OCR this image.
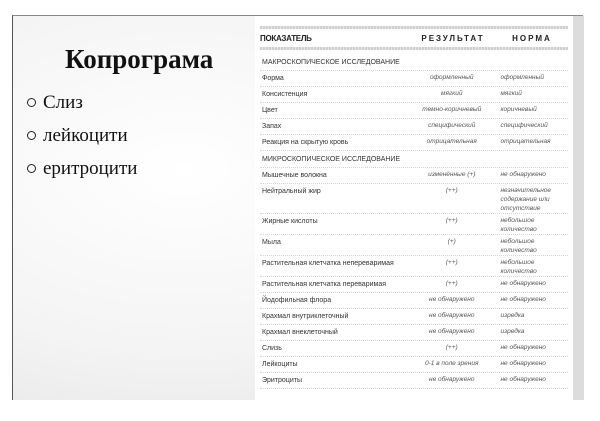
Копрограма
Слиз
лейкоцити
еритроцити
ПОКАЗАТЕЛЬ	РЕЗУЛЬТАТ	НОРМА
МАКРОСКОПИЧЕСКОЕ ИССЛЕДОВАНИЕ
Форма	оформленный	оформленный
Консистенция	мягкий	мягкий
Цвет	темно-коричневый	коричневый
Запах	специфический	специфический
Реакция на скрытую кровь	отрицательная	отрицательная
МИКРОСКОПИЧЕСКОЕ ИССЛЕДОВАНИЕ
Мышечные волокна	изменённые (+)	не обнаружено
Нейтральный жир	(++)	незначительное содержание или отсутствие
Жирные кислоты	(++)	небольшое количество
Мыла	(+)	небольшое количество
Растительная клетчатка непереваримая	(++)	небольшое количество
Растительная клетчатка переваримая	(++)	не обнаружено
Йодофильная флора	не обнаружено	не обнаружено
Крахмал внутриклеточный	не обнаружено	изредка
Крахмал внеклеточный	не обнаружено	изредка
Слизь	(++)	не обнаружено
Лейкоциты	0-1 в поле зрения	не обнаружено
Эритроциты	не обнаружено	не обнаружено
